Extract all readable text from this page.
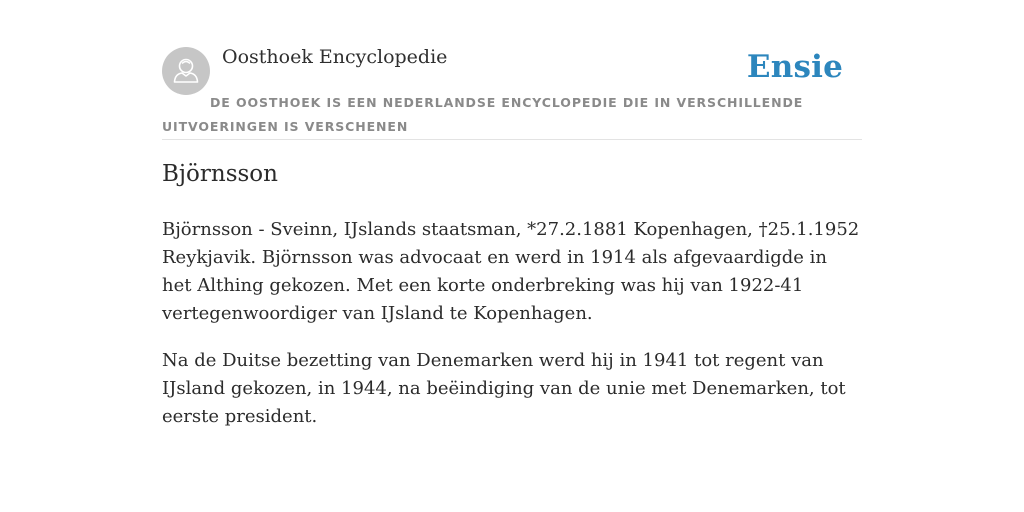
Oosthoek Encyclopedie	Ensie
DE OOSTHOEK IS EEN NEDERLANDSE ENCYCLOPEDIE DIE IN VERSCHILLENDE UITVOERINGEN IS VERSCHENEN
Björnsson

Björnsson - Sveinn, IJslands staatsman, *27.2.1881 Kopenhagen, †25.1.1952 Reykjavik. Björnsson was advocaat en werd in 1914 als afgevaardigde in het Althing gekozen. Met een korte onderbreking was hij van 1922-41 vertegenwoordiger van IJsland te Kopenhagen.

Na de Duitse bezetting van Denemarken werd hij in 1941 tot regent van IJsland gekozen, in 1944, na beëindiging van de unie met Denemarken, tot eerste president.
